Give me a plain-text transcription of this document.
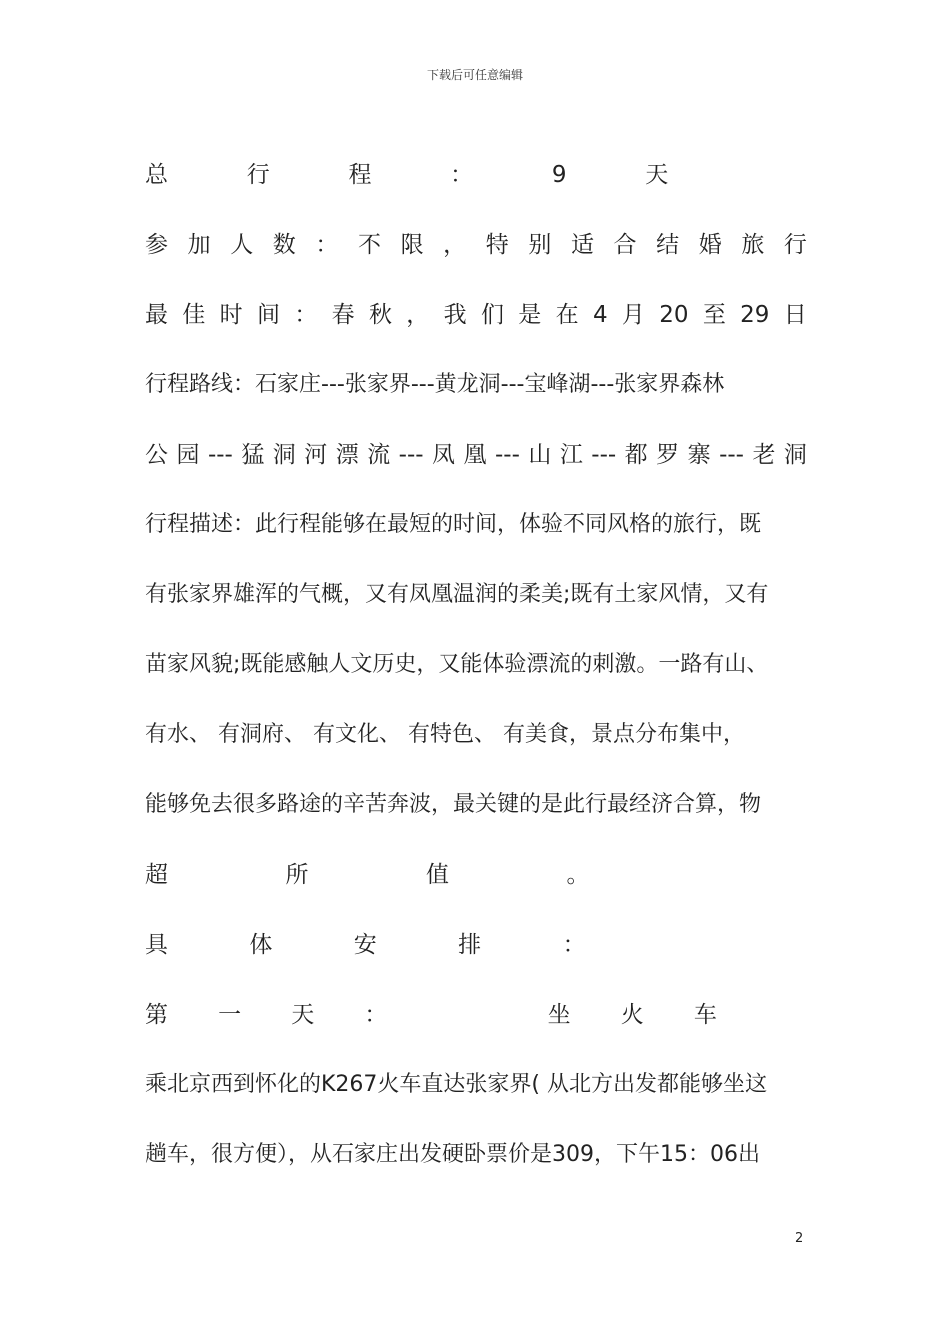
下载后可任意编辑
总	行	程	：	9	天
参 加 人 数 ： 不 限 ， 特 别 适 合 结 婚 旅 行
最 佳 时 间 ： 春 秋 ， 我 们 是 在 4 月 20 至 29 日
行程路线：石家庄---张家界---黄龙洞---宝峰湖---张家界森林
公 园 --- 猛 洞 河 漂 流 --- 凤 凰 --- 山 江 --- 都 罗 寨 --- 老 洞
行程描述：此行程能够在最短的时间，体验不同风格的旅行，既
有张家界雄浑的气概，又有凤凰温润的柔美;既有土家风情，又有
苗家风貌;既能感触人文历史，又能体验漂流的刺激。一路有山、
有水、 有洞府、 有文化、 有特色、 有美食，景点分布集中，
能够免去很多路途的辛苦奔波，最关键的是此行最经济合算，物
超	所	值	。
具	体	安	排	：
第 一 天 ：	坐 火 车
乘北京西到怀化的K267火车直达张家界( 从北方出发都能够坐这
趟车，很方便），从石家庄出发硬卧票价是309，下午15：06出
2
